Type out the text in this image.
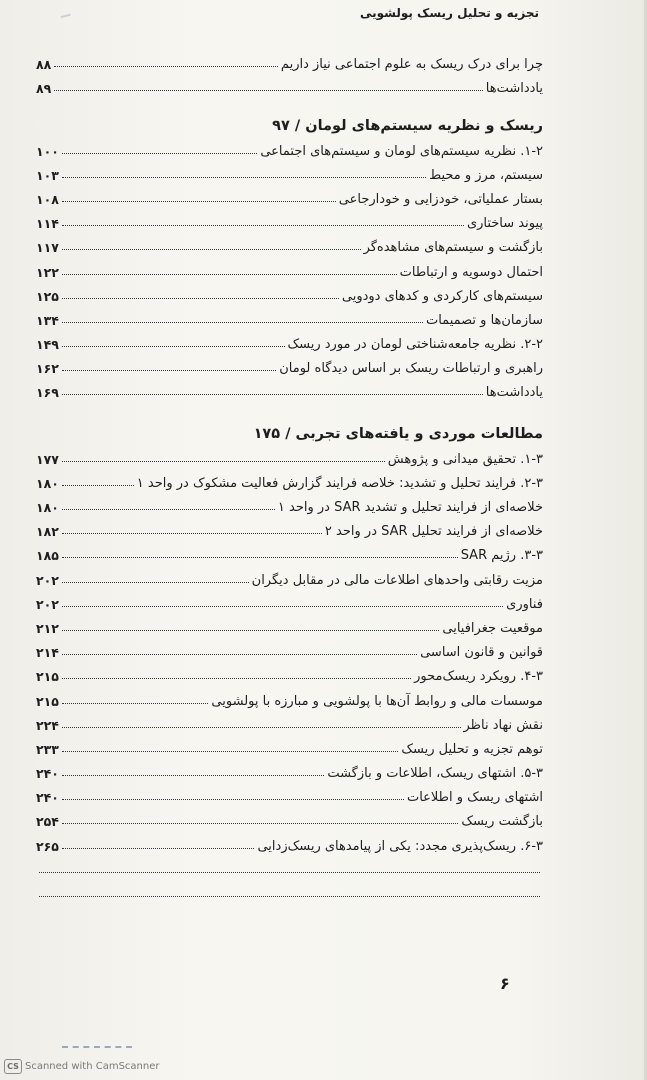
تجزیه و تحلیل ریسک پولشویی
چرا برای درک ریسک به علوم اجتماعی نیاز داریم
۸۸
یادداشت‌ها
۸۹
ریسک و نظریه سیستم‌های لومان / ۹۷
۱-۲. نظریه سیستم‌های لومان و سیستم‌های اجتماعی
۱۰۰
سیستم، مرز و محیط
۱۰۳
بستار عملیاتی، خودزایی و خودارجاعی
۱۰۸
پیوند ساختاری
۱۱۴
بازگشت و سیستم‌های مشاهده‌گر
۱۱۷
احتمال دوسویه و ارتباطات
۱۲۲
سیستم‌های کارکردی و کدهای دودویی
۱۲۵
سازمان‌ها و تصمیمات
۱۳۴
۲-۲. نظریه جامعه‌شناختی لومان در مورد ریسک
۱۴۹
راهبری و ارتباطات ریسک بر اساس دیدگاه لومان
۱۶۲
یادداشت‌ها
۱۶۹
مطالعات موردی و یافته‌های تجربی / ۱۷۵
۱-۳. تحقیق میدانی و پژوهش
۱۷۷
۲-۳. فرایند تحلیل و تشدید: خلاصه فرایند گزارش فعالیت مشکوک در واحد ۱
۱۸۰
خلاصه‌ای از فرایند تحلیل و تشدید SAR در واحد ۱
۱۸۰
خلاصه‌ای از فرایند تحلیل SAR در واحد ۲
۱۸۲
۳-۳. رژیم SAR
۱۸۵
مزیت رقابتی واحدهای اطلاعات مالی در مقابل دیگران
۲۰۲
فناوری
۲۰۲
موقعیت جغرافیایی
۲۱۲
قوانین و قانون اساسی
۲۱۴
۴-۳. رویکرد ریسک‌محور
۲۱۵
موسسات مالی و روابط آن‌ها با پولشویی و مبارزه با پولشویی
۲۱۵
نقش نهاد ناظر
۲۲۴
توهم تجزیه و تحلیل ریسک
۲۳۳
۵-۳. اشتهای ریسک، اطلاعات و بازگشت
۲۴۰
اشتهای ریسک و اطلاعات
۲۴۰
بازگشت ریسک
۲۵۴
۶-۳. ریسک‌پذیری مجدد: یکی از پیامدهای ریسک‌زدایی
۲۶۵
۶
CS Scanned with CamScanner
